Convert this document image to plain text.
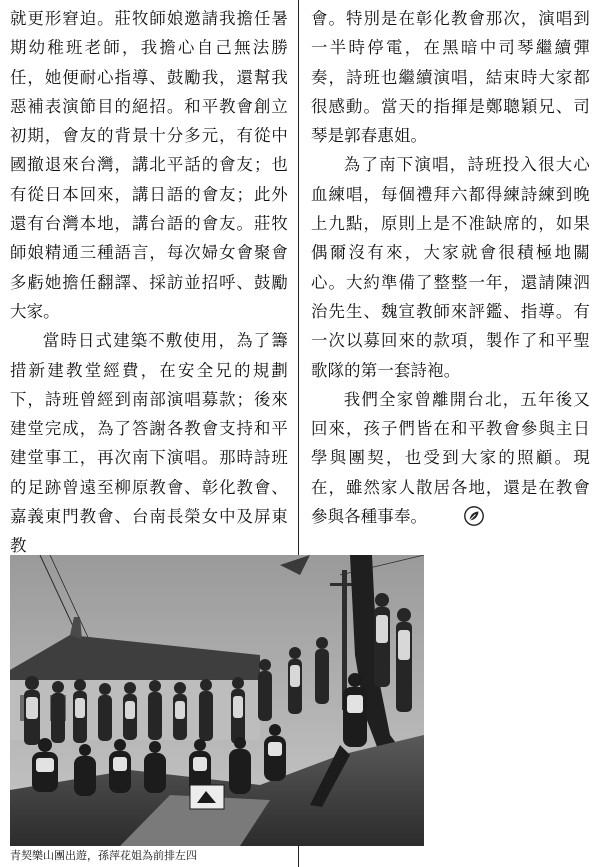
就更形窘迫。莊牧師娘邀請我擔任暑期幼稚班老師，我擔心自己無法勝任，她便耐心指導、鼓勵我，還幫我惡補表演節目的絕招。和平教會創立初期，會友的背景十分多元，有從中國撤退來台灣，講北平話的會友；也有從日本回來，講日語的會友；此外還有台灣本地，講台語的會友。莊牧師娘精通三種語言，每次婦女會聚會多虧她擔任翻譯、採訪並招呼、鼓勵大家。

當時日式建築不敷使用，為了籌措新建教堂經費，在安全兄的規劃下，詩班曾經到南部演唱募款；後來建堂完成，為了答謝各教會支持和平建堂事工，再次南下演唱。那時詩班的足跡曾遠至柳原教會、彰化教會、嘉義東門教會、台南長榮女中及屏東教

會。特別是在彰化教會那次，演唱到一半時停電，在黑暗中司琴繼續彈奏，詩班也繼續演唱，結束時大家都很感動。當天的指揮是鄭聰穎兄、司琴是郭春惠姐。

為了南下演唱，詩班投入很大心血練唱，每個禮拜六都得練詩練到晚上九點，原則上是不准缺席的，如果偶爾沒有來，大家就會很積極地關心。大約準備了整整一年，還請陳泗治先生、魏宣教師來評鑑、指導。有一次以募回來的款項，製作了和平聖歌隊的第一套詩袍。

我們全家曾離開台北，五年後又回來，孩子們皆在和平教會參與主日學與團契，也受到大家的照顧。現在，雖然家人散居各地，還是在教會參與各種事奉。

青契樂山團出遊，孫萍花姐為前排左四
